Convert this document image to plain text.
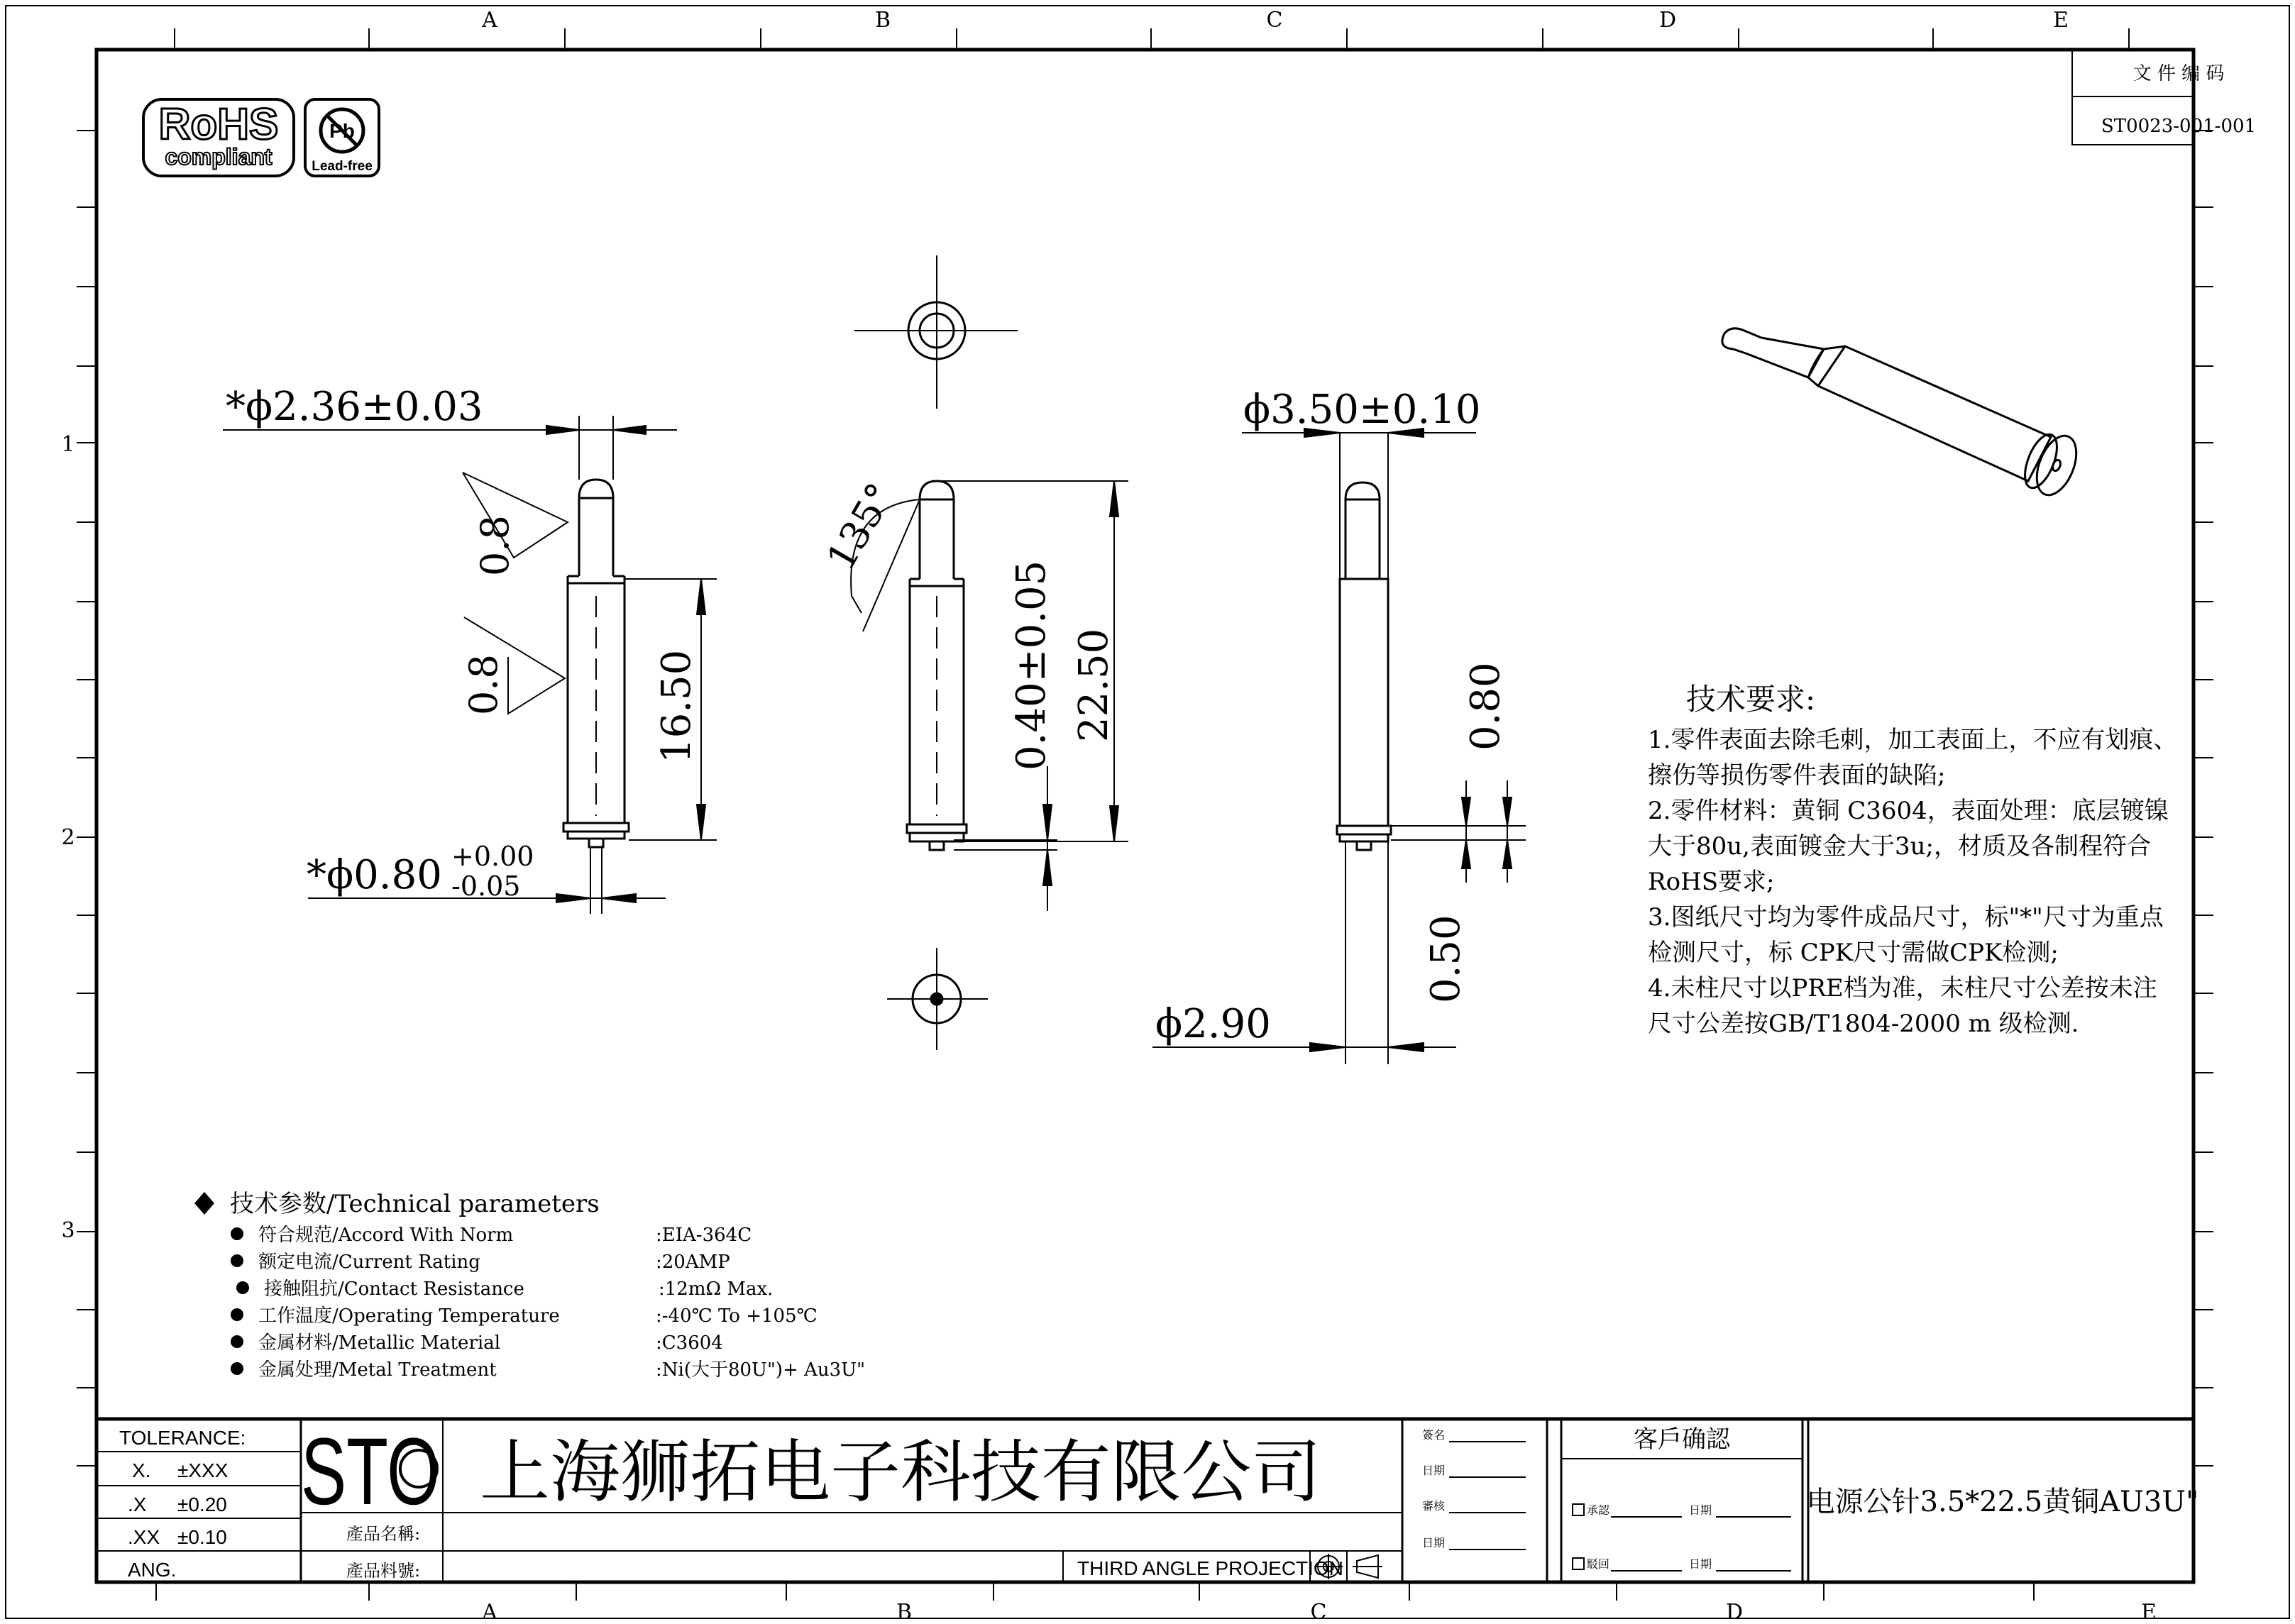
A	B	C	D	E
A	B	C	D	E
1
2
3
文 件 编 码
ST0023-001-001
RoHS
compliant
Pb
Lead-free
*ϕ2.36±0.03
0.8
0.8	16.50
*ϕ0.80 +0.00
-0.05
135°
0.40±0.05 22.50
ϕ3.50±0.10
0.80
0.50
ϕ2.90
技术要求:
1.零件表面去除毛刺，加工表面上，不应有划痕、
擦伤等损伤零件表面的缺陷;
2.零件材料：黄铜 C3604，表面处理：底层镀镍
大于80u,表面镀金大于3u;，材质及各制程符合
RoHS要求;
3.图纸尺寸均为零件成品尺寸，标"*"尺寸为重点
检测尺寸，标 CPK尺寸需做CPK检测;
4.未柱尺寸以PRE档为准，未柱尺寸公差按未注
尺寸公差按GB/T1804-2000 m 级检测.
技术参数/Technical parameters
符合规范/Accord With Norm	:EIA-364C
额定电流/Current Rating	:20AMP
接触阻抗/Contact Resistance	:12mΩ Max.
工作温度/Operating Temperature	:-40℃ To +105℃
金属材料/Metallic Material	:C3604
金属处理/Metal Treatment	:Ni(大于80U")+ Au3U"
TOLERANCE:
X. ±XXX
.X ±0.20
.XX ±0.10
ANG.
STO 上海狮拓电子科技有限公司
產品名稱:
產品料號:	THIRD ANGLE PROJECTION
簽名
日期
審核
日期
客戶确認
承認	日期
駁回	日期
电源公针3.5*22.5黄铜AU3U"
